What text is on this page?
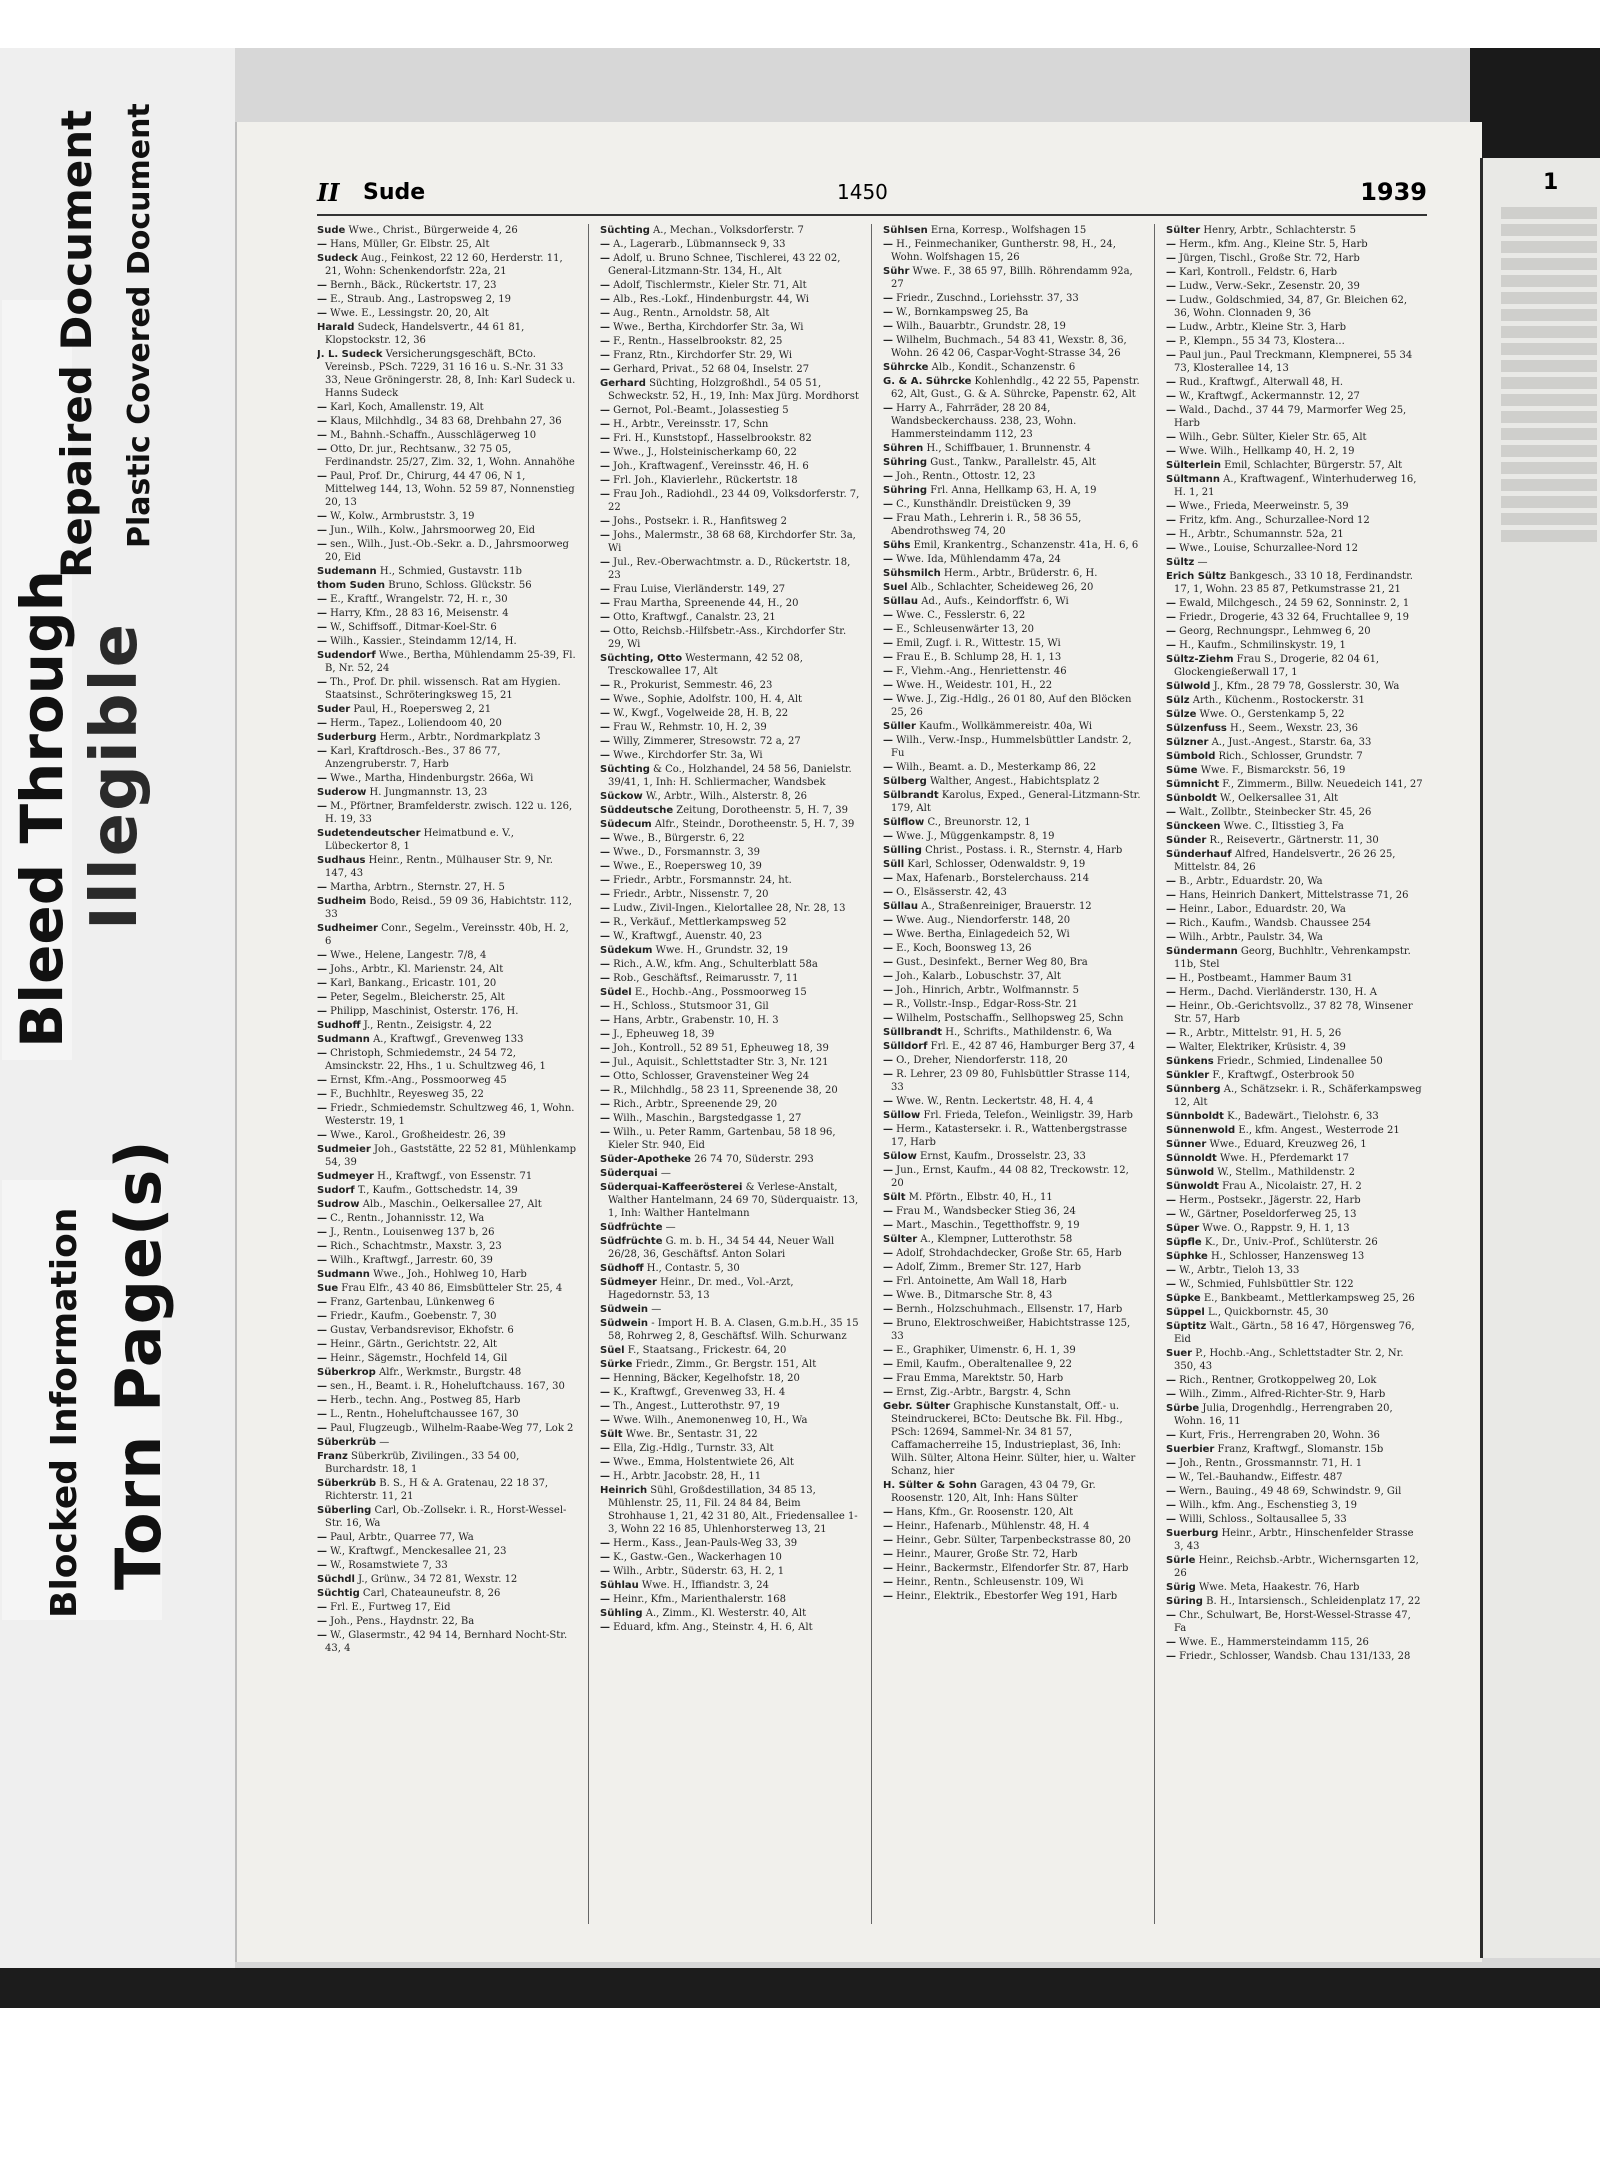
Bleed Through Illegible
Repaired Document Plastic Covered Document
Blocked Information Torn Page(s)
II Sude	1450	1939
Sude Wwe., Christ., Bürgerweide 4, 26
— Hans, Müller, Gr. Elbstr. 25, Alt
Sudeck Aug., Feinkost, 22 12 60, Herderstr. 11, 21, Wohn: Schenkendorfstr. 22a, 21
— Bernh., Bäck., Rückertstr. 17, 23
— E., Straub. Ang., Lastropsweg 2, 19
— Wwe. E., Lessingstr. 20, 20, Alt
Harald Sudeck, Handelsvertr., 44 61 81, Klopstockstr. 12, 36
J. L. Sudeck Versicherungsgeschäft, BCto. Vereinsb., PSch. 7229, 31 16 16 u. S.-Nr. 31 33 33, Neue Gröningerstr. 28, 8, Inh: Karl Sudeck u. Hanns Sudeck
— Karl, Koch, Amallenstr. 19, Alt
— Klaus, Milchhdlg., 34 83 68, Drehbahn 27, 36
— M., Bahnh.-Schaffn., Ausschlägerweg 10
— Otto, Dr. jur., Rechtsanw., 32 75 05, Ferdinandstr. 25/27, Zim. 32, 1, Wohn. Annahöhe
— Paul, Prof. Dr., Chirurg, 44 47 06, N 1, Mittelweg 144, 13, Wohn. 52 59 87, Nonnenstieg 20, 13
— W., Kolw., Armbruststr. 3, 19
— Jun., Wilh., Kolw., Jahrsmoorweg 20, Eid
— sen., Wilh., Just.-Ob.-Sekr. a. D., Jahrsmoorweg 20, Eid
Sudemann H., Schmied, Gustavstr. 11b
thom Suden Bruno, Schloss. Glückstr. 56
— E., Kraftf., Wrangelstr. 72, H. r., 30
— Harry, Kfm., 28 83 16, Meisenstr. 4
— W., Schiffsoff., Ditmar-Koel-Str. 6
— Wilh., Kassier., Steindamm 12/14, H.
Sudendorf Wwe., Bertha, Mühlendamm 25-39, Fl. B, Nr. 52, 24
— Th., Prof. Dr. phil. wissensch. Rat am Hygien. Staatsinst., Schröteringksweg 15, 21
Suder Paul, H., Roepersweg 2, 21
— Herm., Tapez., Loliendoom 40, 20
Suderburg Herm., Arbtr., Nordmarkplatz 3
— Karl, Kraftdrosch.-Bes., 37 86 77, Anzengruberstr. 7, Harb
— Wwe., Martha, Hindenburgstr. 266a, Wi
Suderow H. Jungmannstr. 13, 23
— M., Pförtner, Bramfelderstr. zwisch. 122 u. 126, H. 19, 33
Sudetendeutscher Heimatbund e. V., Lübeckertor 8, 1
Sudhaus Heinr., Rentn., Mülhauser Str. 9, Nr. 147, 43
— Martha, Arbtrn., Sternstr. 27, H. 5
Sudheim Bodo, Reisd., 59 09 36, Habichtstr. 112, 33
Sudheimer Conr., Segelm., Vereinsstr. 40b, H. 2, 6
— Wwe., Helene, Langestr. 7/8, 4
— Johs., Arbtr., Kl. Marienstr. 24, Alt
— Karl, Bankang., Ericastr. 101, 20
— Peter, Segelm., Bleicherstr. 25, Alt
— Philipp, Maschinist, Osterstr. 176, H.
Sudhoff J., Rentn., Zeisigstr. 4, 22
Sudmann A., Kraftwgf., Grevenweg 133
— Christoph, Schmiedemstr., 24 54 72, Amsinckstr. 22, Hhs., 1 u. Schultzweg 46, 1
— Ernst, Kfm.-Ang., Possmoorweg 45
— F., Buchhltr., Reyesweg 35, 22
— Friedr., Schmiedemstr. Schultzweg 46, 1, Wohn. Westerstr. 19, 1
— Wwe., Karol., Großheidestr. 26, 39
Sudmeier Joh., Gaststätte, 22 52 81, Mühlenkamp 54, 39
Sudmeyer H., Kraftwgf., von Essenstr. 71
Sudorf T., Kaufm., Gottschedstr. 14, 39
Sudrow Alb., Maschin., Oelkersallee 27, Alt
— C., Rentn., Johannisstr. 12, Wa
— J., Rentn., Louisenweg 137 b, 26
— Rich., Schachtmstr., Maxstr. 3, 23
— Wilh., Kraftwgf., Jarrestr. 60, 39
Sudmann Wwe., Joh., Hohlweg 10, Harb
Sue Frau Elfr., 43 40 86, Eimsbütteler Str. 25, 4
— Franz, Gartenbau, Lünkenweg 6
— Friedr., Kaufm., Goebenstr. 7, 30
— Gustav, Verbandsrevisor, Ekhofstr. 6
— Heinr., Gärtn., Gerichtstr. 22, Alt
— Heinr., Sägemstr., Hochfeld 14, Gil
Süberkrop Alfr., Werkmstr., Burgstr. 48
— sen., H., Beamt. i. R., Hoheluftchauss. 167, 30
— Herb., techn. Ang., Postweg 85, Harb
— L., Rentn., Hoheluftchaussee 167, 30
— Paul, Flugzeugb., Wilhelm-Raabe-Weg 77, Lok 2
Süberkrüb —
Franz Süberkrüb, Zivilingen., 33 54 00, Burchardstr. 18, 1
Süberkrüb B. S., H & A. Gratenau, 22 18 37, Richterstr. 11, 21
Süberling Carl, Ob.-Zollsekr. i. R., Horst-Wessel-Str. 16, Wa
— Paul, Arbtr., Quarree 77, Wa
— W., Kraftwgf., Menckesallee 21, 23
— W., Rosamstwiete 7, 33
Süchdl J., Grünw., 34 72 81, Wexstr. 12
Süchtig Carl, Chateauneufstr. 8, 26
— Frl. E., Furtweg 17, Eid
— Joh., Pens., Haydnstr. 22, Ba
— W., Glasermstr., 42 94 14, Bernhard Nocht-Str. 43, 4
Süchting A., Mechan., Volksdorferstr. 7
— A., Lagerarb., Lübmannseck 9, 33
— Adolf, u. Bruno Schnee, Tischlerei, 43 22 02, General-Litzmann-Str. 134, H., Alt
— Adolf, Tischlermstr., Kieler Str. 71, Alt
— Alb., Res.-Lokf., Hindenburgstr. 44, Wi
— Aug., Rentn., Arnoldstr. 58, Alt
— Wwe., Bertha, Kirchdorfer Str. 3a, Wi
— F., Rentn., Hasselbrookstr. 82, 25
— Franz, Rtn., Kirchdorfer Str. 29, Wi
— Gerhard, Privat., 52 68 04, Inselstr. 27
Gerhard Süchting, Holzgroßhdl., 54 05 51, Schweckstr. 52, H., 19, Inh: Max Jürg. Mordhorst
— Gernot, Pol.-Beamt., Jolassestieg 5
— H., Arbtr., Vereinsstr. 17, Schn
— Fri. H., Kunststopf., Hasselbrookstr. 82
— Wwe., J., Holsteinischerkamp 60, 22
— Joh., Kraftwagenf., Vereinsstr. 46, H. 6
— Frl. Joh., Klavierlehr., Rückertstr. 18
— Frau Joh., Radiohdl., 23 44 09, Volksdorferstr. 7, 22
— Johs., Postsekr. i. R., Hanfitsweg 2
— Johs., Malermstr., 38 68 68, Kirchdorfer Str. 3a, Wi
— Jul., Rev.-Oberwachtmstr. a. D., Rückertstr. 18, 23
— Frau Luise, Vierländerstr. 149, 27
— Frau Martha, Spreenende 44, H., 20
— Otto, Kraftwgf., Canalstr. 23, 21
— Otto, Reichsb.-Hilfsbetr.-Ass., Kirchdorfer Str. 29, Wi
Süchting, Otto Westermann, 42 52 08, Tresckowallee 17, Alt
— R., Prokurist, Semmestr. 46, 23
— Wwe., Sophie, Adolfstr. 100, H. 4, Alt
— W., Kwgf., Vogelweide 28, H. B, 22
— Frau W., Rehmstr. 10, H. 2, 39
— Willy, Zimmerer, Stresowstr. 72 a, 27
— Wwe., Kirchdorfer Str. 3a, Wi
Süchting & Co., Holzhandel, 24 58 56, Danielstr. 39/41, 1, Inh: H. Schliermacher, Wandsbek
Sückow W., Arbtr., Wilh., Alsterstr. 8, 26
Süddeutsche Zeitung, Dorotheenstr. 5, H. 7, 39
Südecum Alfr., Steindr., Dorotheenstr. 5, H. 7, 39
— Wwe., B., Bürgerstr. 6, 22
— Wwe., D., Forsmannstr. 3, 39
— Wwe., E., Roepersweg 10, 39
— Friedr., Arbtr., Forsmannstr. 24, ht.
— Friedr., Arbtr., Nissenstr. 7, 20
— Ludw., Zivil-Ingen., Kielortallee 28, Nr. 28, 13
— R., Verkäuf., Mettlerkampsweg 52
— W., Kraftwgf., Auenstr. 40, 23
Südekum Wwe. H., Grundstr. 32, 19
— Rich., A.W., kfm. Ang., Schulterblatt 58a
— Rob., Geschäftsf., Reimarusstr. 7, 11
Südel E., Hochb.-Ang., Possmoorweg 15
— H., Schloss., Stutsmoor 31, Gil
— Hans, Arbtr., Grabenstr. 10, H. 3
— J., Epheuweg 18, 39
— Joh., Kontroll., 52 89 51, Epheuweg 18, 39
— Jul., Aquisit., Schlettstadter Str. 3, Nr. 121
— Otto, Schlosser, Gravensteiner Weg 24
— R., Milchhdlg., 58 23 11, Spreenende 38, 20
— Rich., Arbtr., Spreenende 29, 20
— Wilh., Maschin., Bargstedgasse 1, 27
— Wilh., u. Peter Ramm, Gartenbau, 58 18 96, Kieler Str. 940, Eid
Süder-Apotheke 26 74 70, Süderstr. 293
Süderquai —
Süderquai-Kaffeerösterei & Verlese-Anstalt, Walther Hantelmann, 24 69 70, Süderquaistr. 13, 1, Inh: Walther Hantelmann
Südfrüchte —
Südfrüchte G. m. b. H., 34 54 44, Neuer Wall 26/28, 36, Geschäftsf. Anton Solari
Südhoff H., Contastr. 5, 30
Südmeyer Heinr., Dr. med., Vol.-Arzt, Hagedornstr. 53, 13
Südwein —
Südwein - Import H. B. A. Clasen, G.m.b.H., 35 15 58, Rohrweg 2, 8, Geschäftsf. Wilh. Schurwanz
Süel F., Staatsang., Frickestr. 64, 20
Sürke Friedr., Zimm., Gr. Bergstr. 151, Alt
— Henning, Bäcker, Kegelhofstr. 18, 20
— K., Kraftwgf., Grevenweg 33, H. 4
— Th., Angest., Lutterothstr. 97, 19
— Wwe. Wilh., Anemonenweg 10, H., Wa
Sült Wwe. Br., Sentastr. 31, 22
— Ella, Zig.-Hdlg., Turnstr. 33, Alt
— Wwe., Emma, Holstentwiete 26, Alt
— H., Arbtr. Jacobstr. 28, H., 11
Heinrich Sühl, Großdestillation, 34 85 13, Mühlenstr. 25, 11, Fil. 24 84 84, Beim Strohhause 1, 21, 42 31 80, Alt., Friedensallee 1-3, Wohn 22 16 85, Uhlenhorsterweg 13, 21
— Herm., Kass., Jean-Pauls-Weg 33, 39
— K., Gastw.-Gen., Wackerhagen 10
— Wilh., Arbtr., Süderstr. 63, H. 2, 1
Sühlau Wwe. H., Iffiandstr. 3, 24
— Heinr., Kfm., Marienthalerstr. 168
Sühling A., Zimm., Kl. Westerstr. 40, Alt
— Eduard, kfm. Ang., Steinstr. 4, H. 6, Alt
Sühlsen Erna, Korresp., Wolfshagen 15
— H., Feinmechaniker, Guntherstr. 98, H., 24, Wohn. Wolfshagen 15, 26
Sühr Wwe. F., 38 65 97, Billh. Röhrendamm 92a, 27
— Friedr., Zuschnd., Loriehsstr. 37, 33
— W., Bornkampsweg 25, Ba
— Wilh., Bauarbtr., Grundstr. 28, 19
— Wilhelm, Buchmach., 54 83 41, Wexstr. 8, 36, Wohn. 26 42 06, Caspar-Voght-Strasse 34, 26
Sührcke Alb., Kondit., Schanzenstr. 6
G. & A. Sührcke Kohlenhdlg., 42 22 55, Papenstr. 62, Alt, Gust., G. & A. Sührcke, Papenstr. 62, Alt
— Harry A., Fahrräder, 28 20 84, Wandsbeckerchauss. 238, 23, Wohn. Hammersteindamm 112, 23
Sühren H., Schiffbauer, 1. Brunnenstr. 4
Sühring Gust., Tankw., Parallelstr. 45, Alt
— Joh., Rentn., Ottostr. 12, 23
Sühring Frl. Anna, Hellkamp 63, H. A, 19
— C., Kunsthändlr. Dreistücken 9, 39
— Frau Math., Lehrerin i. R., 58 36 55, Abendrothsweg 74, 20
Sühs Emil, Krankentrg., Schanzenstr. 41a, H. 6, 6
— Wwe. Ida, Mühlendamm 47a, 24
Sühsmilch Herm., Arbtr., Brüderstr. 6, H.
Suel Alb., Schlachter, Scheideweg 26, 20
Süllau Ad., Aufs., Keindorffstr. 6, Wi
— Wwe. C., Fesslerstr. 6, 22
— E., Schleusenwärter 13, 20
— Emil, Zugf. i. R., Wittestr. 15, Wi
— Frau E., B. Schlump 28, H. 1, 13
— F., Viehm.-Ang., Henriettenstr. 46
— Wwe. H., Weidestr. 101, H., 22
— Wwe. J., Zig.-Hdlg., 26 01 80, Auf den Blöcken 25, 26
Süller Kaufm., Wollkämmereistr. 40a, Wi
— Wilh., Verw.-Insp., Hummelsbüttler Landstr. 2, Fu
— Wilh., Beamt. a. D., Mesterkamp 86, 22
Sülberg Walther, Angest., Habichtsplatz 2
Sülbrandt Karolus, Exped., General-Litzmann-Str. 179, Alt
Sülflow C., Breunorstr. 12, 1
— Wwe. J., Müggenkampstr. 8, 19
Sülling Christ., Postass. i. R., Sternstr. 4, Harb
Süll Karl, Schlosser, Odenwaldstr. 9, 19
— Max, Hafenarb., Borstelerchauss. 214
— O., Elsässerstr. 42, 43
Süllau A., Straßenreiniger, Brauerstr. 12
— Wwe. Aug., Niendorferstr. 148, 20
— Wwe. Bertha, Einlagedeich 52, Wi
— E., Koch, Boonsweg 13, 26
— Gust., Desinfekt., Berner Weg 80, Bra
— Joh., Kalarb., Lobuschstr. 37, Alt
— Joh., Hinrich, Arbtr., Wolfmannstr. 5
— R., Vollstr.-Insp., Edgar-Ross-Str. 21
— Wilhelm, Postschaffn., Sellhopsweg 25, Schn
Süllbrandt H., Schrifts., Mathildenstr. 6, Wa
Sülldorf Frl. E., 42 87 46, Hamburger Berg 37, 4
— O., Dreher, Niendorferstr. 118, 20
— R. Lehrer, 23 09 80, Fuhlsbüttler Strasse 114, 33
— Wwe. W., Rentn. Leckertstr. 48, H. 4, 4
Süllow Frl. Frieda, Telefon., Weinligstr. 39, Harb
— Herm., Katastersekr. i. R., Wattenbergstrasse 17, Harb
Sülow Ernst, Kaufm., Drosselstr. 23, 33
— Jun., Ernst, Kaufm., 44 08 82, Treckowstr. 12, 20
Sült M. Pförtn., Elbstr. 40, H., 11
— Frau M., Wandsbecker Stieg 36, 24
— Mart., Maschin., Tegetthoffstr. 9, 19
Sülter A., Klempner, Lutterothstr. 58
— Adolf, Strohdachdecker, Große Str. 65, Harb
— Adolf, Zimm., Bremer Str. 127, Harb
— Frl. Antoinette, Am Wall 18, Harb
— Wwe. B., Ditmarsche Str. 8, 43
— Bernh., Holzschuhmach., Ellsenstr. 17, Harb
— Bruno, Elektroschweißer, Habichtstrasse 125, 33
— E., Graphiker, Uimenstr. 6, H. 1, 39
— Emil, Kaufm., Oberaltenallee 9, 22
— Frau Emma, Marektstr. 50, Harb
— Ernst, Zig.-Arbtr., Bargstr. 4, Schn
Gebr. Sülter Graphische Kunstanstalt, Off.- u. Steindruckerei, BCto: Deutsche Bk. Fil. Hbg., PSch: 12694, Sammel-Nr. 34 81 57, Caffamacherreihe 15, Industrieplast, 36, Inh: Wilh. Sülter, Altona Heinr. Sülter, hier, u. Walter Schanz, hier
H. Sülter & Sohn Garagen, 43 04 79, Gr. Roosenstr. 120, Alt, Inh: Hans Sülter
— Hans, Kfm., Gr. Roosenstr. 120, Alt
— Heinr., Hafenarb., Mühlenstr. 48, H. 4
— Heinr., Gebr. Sülter, Tarpenbeckstrasse 80, 20
— Heinr., Maurer, Große Str. 72, Harb
— Heinr., Backermstr., Elfendorfer Str. 87, Harb
— Heinr., Rentn., Schleusenstr. 109, Wi
— Heinr., Elektrik., Ebestorfer Weg 191, Harb
Sülter Henry, Arbtr., Schlachterstr. 5
— Herm., kfm. Ang., Kleine Str. 5, Harb
— Jürgen, Tischl., Große Str. 72, Harb
— Karl, Kontroll., Feldstr. 6, Harb
— Ludw., Verw.-Sekr., Zesenstr. 20, 39
— Ludw., Goldschmied, 34, 87, Gr. Bleichen 62, 36, Wohn. Clonnaden 9, 36
— Ludw., Arbtr., Kleine Str. 3, Harb
— P., Klempn., 55 34 73, Klostera...
— Paul jun., Paul Treckmann, Klempnerei, 55 34 73, Klosterallee 14, 13
— Rud., Kraftwgf., Alterwall 48, H.
— W., Kraftwgf., Ackermannstr. 12, 27
— Wald., Dachd., 37 44 79, Marmorfer Weg 25, Harb
— Wilh., Gebr. Sülter, Kieler Str. 65, Alt
— Wwe. Wilh., Hellkamp 40, H. 2, 19
Sülterlein Emil, Schlachter, Bürgerstr. 57, Alt
Sültmann A., Kraftwagenf., Winterhuderweg 16, H. 1, 21
— Wwe., Frieda, Meerweinstr. 5, 39
— Fritz, kfm. Ang., Schurzallee-Nord 12
— H., Arbtr., Schumannstr. 52a, 21
— Wwe., Louise, Schurzallee-Nord 12
Sültz —
Erich Sültz Bankgesch., 33 10 18, Ferdinandstr. 17, 1, Wohn. 23 85 87, Petkumstrasse 21, 21
— Ewald, Milchgesch., 24 59 62, Sonninstr. 2, 1
— Friedr., Drogerie, 43 32 64, Fruchtallee 9, 19
— Georg, Rechnungspr., Lehmweg 6, 20
— H., Kaufm., Schmilinskystr. 19, 1
Sültz-Ziehm Frau S., Drogerie, 82 04 61, Glockengießerwall 17, 1
Sülwold J., Kfm., 28 79 78, Gosslerstr. 30, Wa
Sülz Arth., Küchenm., Rostockerstr. 31
Sülze Wwe. O., Gerstenkamp 5, 22
Sülzenfuss H., Seem., Wexstr. 23, 36
Sülzner A., Just.-Angest., Starstr. 6a, 33
Sümbold Rich., Schlosser, Grundstr. 7
Süme Wwe. F., Bismarckstr. 56, 19
Sümnicht F., Zimmerm., Billw. Neuedeich 141, 27
Sünboldt W., Oelkersallee 31, Alt
— Walt., Zollbtr., Steinbecker Str. 45, 26
Sünckeen Wwe. C., Iltisstieg 3, Fa
Sünder R., Reisevertr., Gärtnerstr. 11, 30
Sünderhauf Alfred, Handelsvertr., 26 26 25, Mittelstr. 84, 26
— B., Arbtr., Eduardstr. 20, Wa
— Hans, Heinrich Dankert, Mittelstrasse 71, 26
— Heinr., Labor., Eduardstr. 20, Wa
— Rich., Kaufm., Wandsb. Chaussee 254
— Wilh., Arbtr., Paulstr. 34, Wa
Sündermann Georg, Buchhltr., Vehrenkampstr. 11b, Stel
— H., Postbeamt., Hammer Baum 31
— Herm., Dachd. Vierländerstr. 130, H. A
— Heinr., Ob.-Gerichtsvollz., 37 82 78, Winsener Str. 57, Harb
— R., Arbtr., Mittelstr. 91, H. 5, 26
— Walter, Elektriker, Krüsistr. 4, 39
Sünkens Friedr., Schmied, Lindenallee 50
Sünkler F., Kraftwgf., Osterbrook 50
Sünnberg A., Schätzsekr. i. R., Schäferkampsweg 12, Alt
Sünnboldt K., Badewärt., Tielohstr. 6, 33
Sünnenwold E., kfm. Angest., Westerrode 21
Sünner Wwe., Eduard, Kreuzweg 26, 1
Sünnoldt Wwe. H., Pferdemarkt 17
Sünwold W., Stellm., Mathildenstr. 2
Sünwoldt Frau A., Nicolaistr. 27, H. 2
— Herm., Postsekr., Jägerstr. 22, Harb
— W., Gärtner, Poseldorferweg 25, 13
Süper Wwe. O., Rappstr. 9, H. 1, 13
Süpfle K., Dr., Univ.-Prof., Schlüterstr. 26
Süphke H., Schlosser, Hanzensweg 13
— W., Arbtr., Tieloh 13, 33
— W., Schmied, Fuhlsbüttler Str. 122
Süpke E., Bankbeamt., Mettlerkampsweg 25, 26
Süppel L., Quickbornstr. 45, 30
Süptitz Walt., Gärtn., 58 16 47, Hörgensweg 76, Eid
Suer P., Hochb.-Ang., Schlettstadter Str. 2, Nr. 350, 43
— Rich., Rentner, Grotkoppelweg 20, Lok
— Wilh., Zimm., Alfred-Richter-Str. 9, Harb
Sürbe Julia, Drogenhdlg., Herrengraben 20, Wohn. 16, 11
— Kurt, Fris., Herrengraben 20, Wohn. 36
Suerbier Franz, Kraftwgf., Slomanstr. 15b
— Joh., Rentn., Grossmannstr. 71, H. 1
— W., Tel.-Bauhandw., Eiffestr. 487
— Wern., Bauing., 49 48 69, Schwindstr. 9, Gil
— Wilh., kfm. Ang., Eschenstieg 3, 19
— Willi, Schloss., Soltausallee 5, 33
Suerburg Heinr., Arbtr., Hinschenfelder Strasse 3, 43
Sürle Heinr., Reichsb.-Arbtr., Wichernsgarten 12, 26
Sürig Wwe. Meta, Haakestr. 76, Harb
Süring B. H., Intarsiensch., Schleidenplatz 17, 22
— Chr., Schulwart, Be, Horst-Wessel-Strasse 47, Fa
— Wwe. E., Hammersteindamm 115, 26
— Friedr., Schlosser, Wandsb. Chau 131/133, 28
1
